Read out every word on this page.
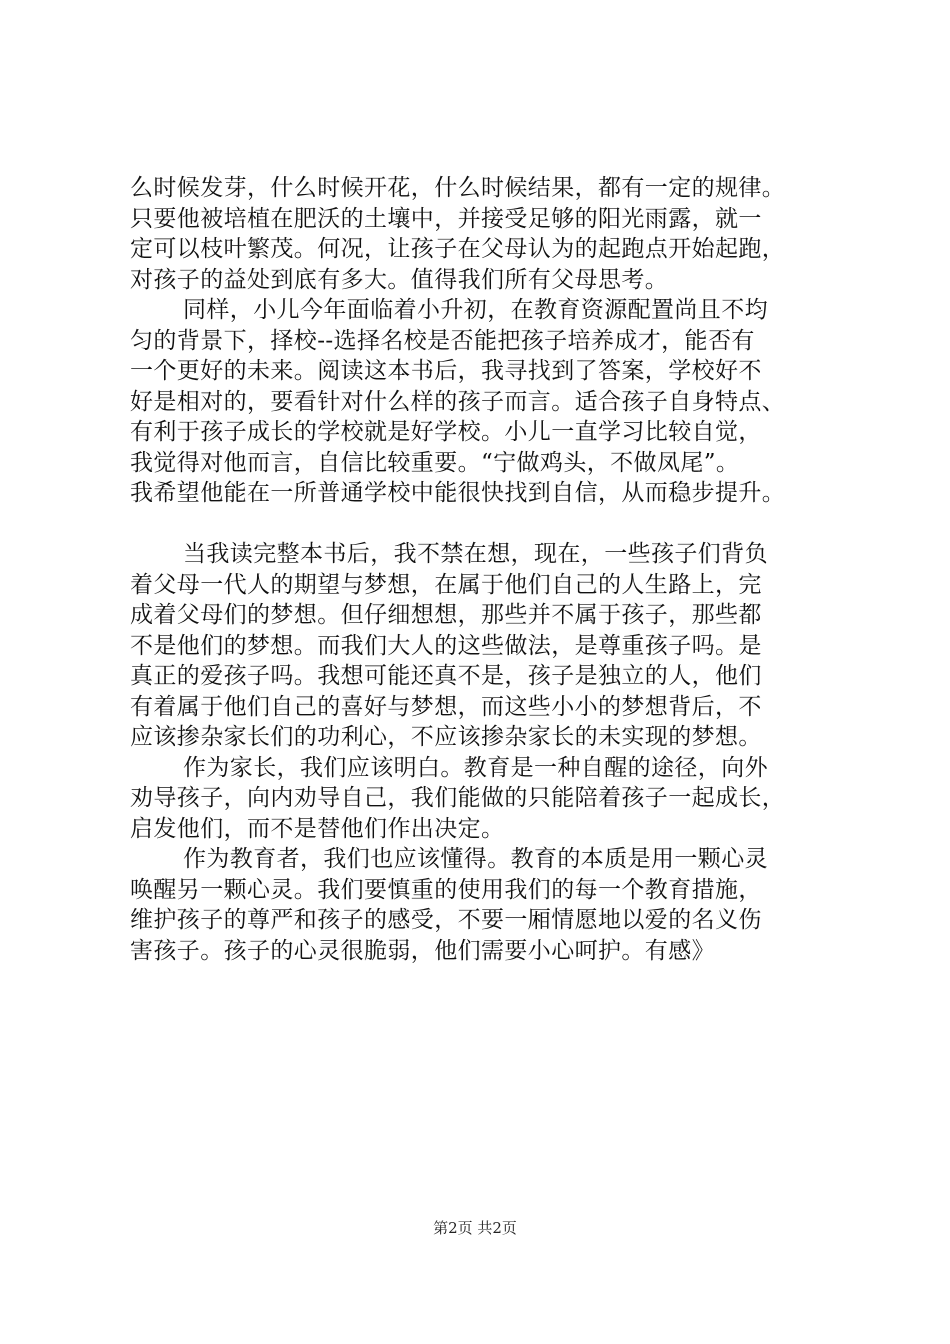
么时候发芽，什么时候开花，什么时候结果，都有一定的规律。
只要他被培植在肥沃的土壤中，并接受足够的阳光雨露，就一
定可以枝叶繁茂。何况，让孩子在父母认为的起跑点开始起跑，
对孩子的益处到底有多大。值得我们所有父母思考。
同样，小儿今年面临着小升初，在教育资源配置尚且不均
匀的背景下，择校--选择名校是否能把孩子培养成才，能否有
一个更好的未来。阅读这本书后，我寻找到了答案，学校好不
好是相对的，要看针对什么样的孩子而言。适合孩子自身特点、
有利于孩子成长的学校就是好学校。小儿一直学习比较自觉，
我觉得对他而言，自信比较重要。“宁做鸡头，不做凤尾”。
我希望他能在一所普通学校中能很快找到自信，从而稳步提升。
当我读完整本书后，我不禁在想，现在，一些孩子们背负
着父母一代人的期望与梦想，在属于他们自己的人生路上，完
成着父母们的梦想。但仔细想想，那些并不属于孩子，那些都
不是他们的梦想。而我们大人的这些做法，是尊重孩子吗。是
真正的爱孩子吗。我想可能还真不是，孩子是独立的人，他们
有着属于他们自己的喜好与梦想，而这些小小的梦想背后，不
应该掺杂家长们的功利心，不应该掺杂家长的未实现的梦想。
作为家长，我们应该明白。教育是一种自醒的途径，向外
劝导孩子，向内劝导自己，我们能做的只能陪着孩子一起成长，
启发他们，而不是替他们作出决定。
作为教育者，我们也应该懂得。教育的本质是用一颗心灵
唤醒另一颗心灵。我们要慎重的使用我们的每一个教育措施，
维护孩子的尊严和孩子的感受，不要一厢情愿地以爱的名义伤
害孩子。孩子的心灵很脆弱，他们需要小心呵护。有感》
第2页 共2页
